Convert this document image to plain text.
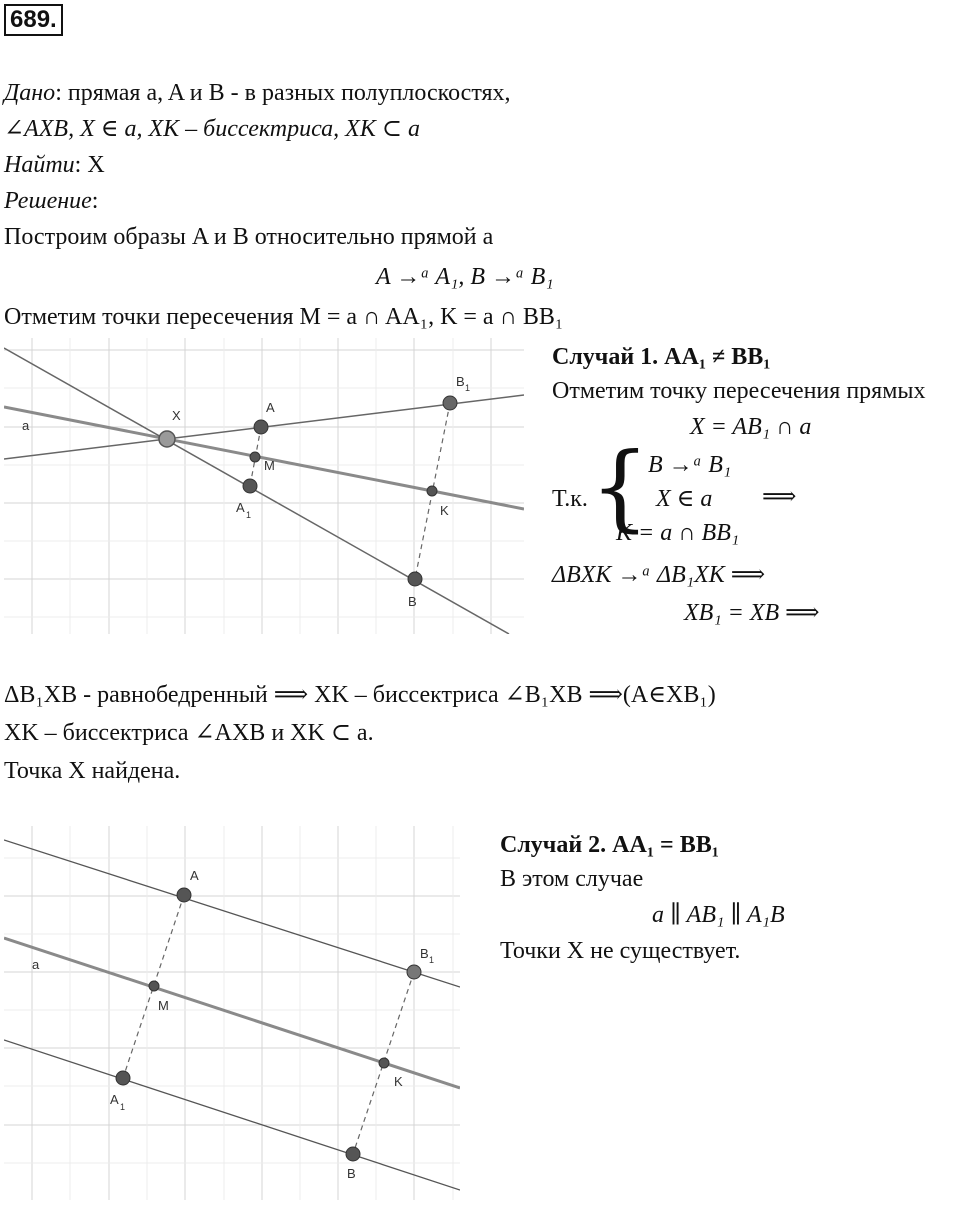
689.
Дано: прямая a, A и B - в разных полуплоскостях,
∠AXB, X ∈ a, XK – биссектриса, XK ⊂ a
Найти: X
Решение:
Построим образы A и B относительно прямой a
A →ᵃ A₁, B →ᵃ B₁
Отметим точки пересечения M = a ∩ AA₁, K = a ∩ BB₁
a
X
A
M
A 1
B 1
K
B
Случай 1. AA₁ ≠ BB₁
Отметим точку пересечения прямых
X = AB₁ ∩ a
Т.к. {
B →ᵃ B₁
X ∈ a
K = a ∩ BB₁
⟹
ΔBXK →ᵃ ΔB₁XK ⟹
XB₁ = XB ⟹
ΔB₁XB - равнобедренный ⟹ XK – биссектриса ∠B₁XB ⟹(A∈XB₁)
XK – биссектриса ∠AXB и XK ⊂ a.
Точка X найдена.
a
A
M
A 1
B 1
K
B
Случай 2. AA₁ = BB₁
В этом случае
a ∥ AB₁ ∥ A₁B
Точки X не существует.
